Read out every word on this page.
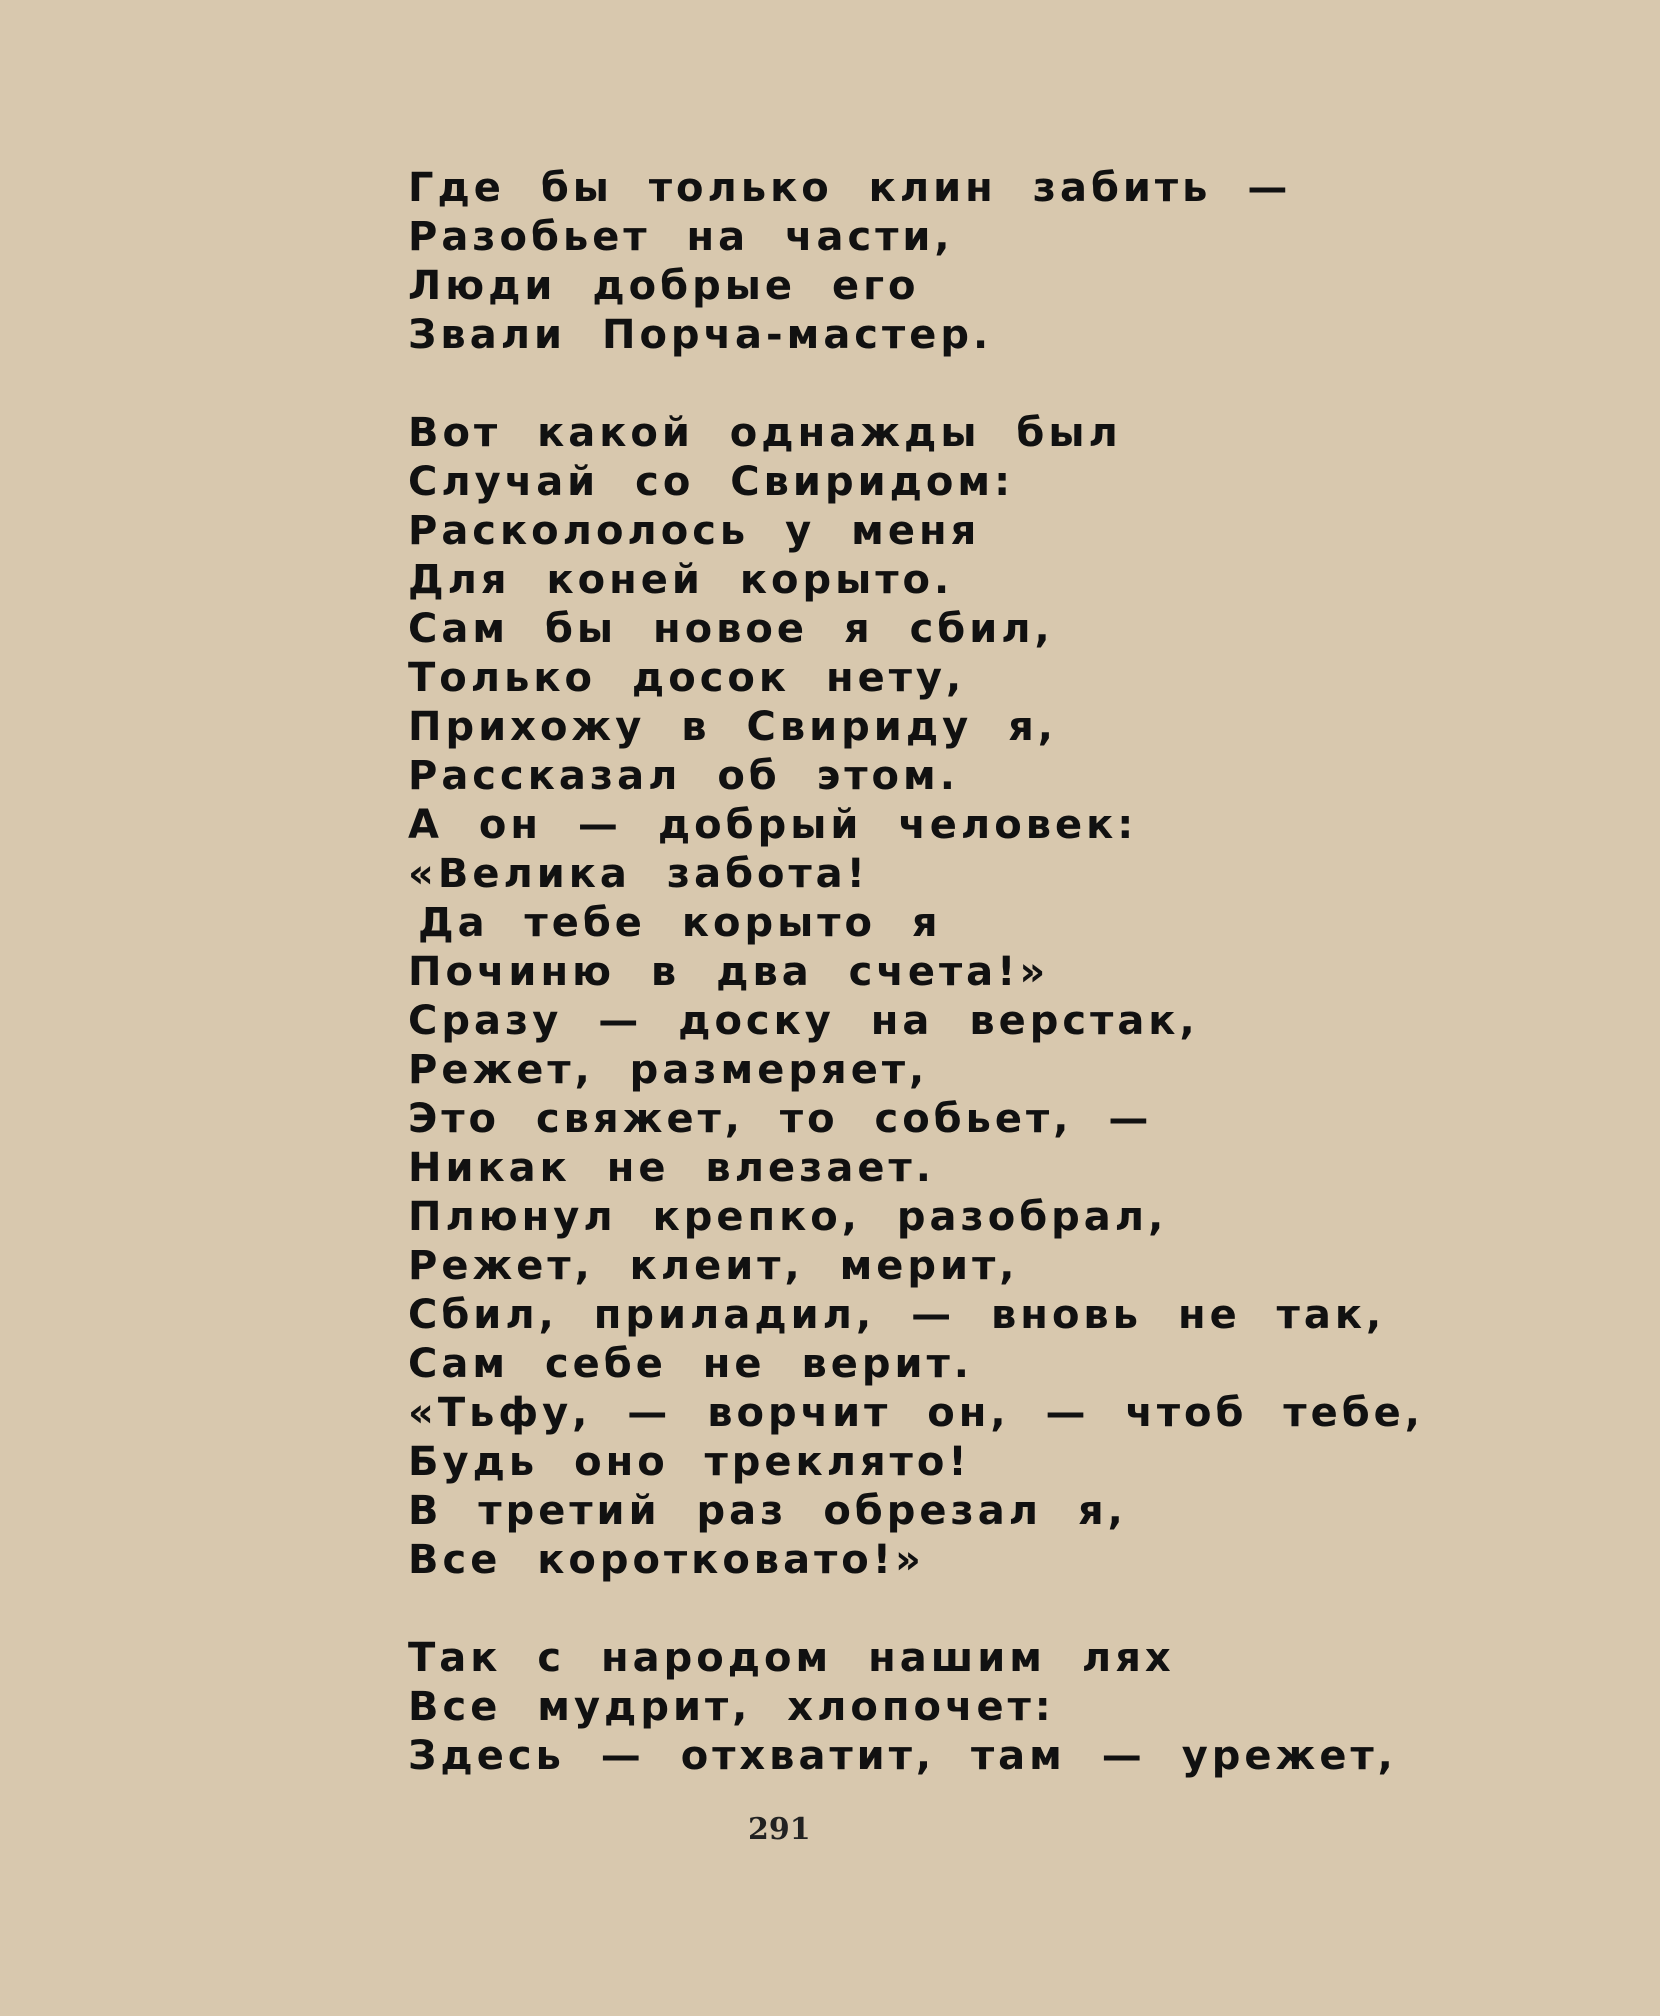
Где бы только клин забить —
Разобьет на части,
Люди добрые его
Звали Порча-мастер.
Вот какой однажды был
Случай со Свиридом:
Раскололось у меня
Для коней корыто.
Сам бы новое я сбил,
Только досок нету,
Прихожу в Свириду я,
Рассказал об этом.
А он — добрый человек:
«Велика забота!
Да тебе корыто я
Починю в два счета!»
Сразу — доску на верстак,
Режет, размеряет,
Это свяжет, то собьет, —
Никак не влезает.
Плюнул крепко, разобрал,
Режет, клеит, мерит,
Сбил, приладил, — вновь не так,
Сам себе не верит.
«Тьфу, — ворчит он, — чтоб тебе,
Будь оно треклято!
В третий раз обрезал я,
Все коротковато!»
Так с народом нашим лях
Все мудрит, хлопочет:
Здесь — отхватит, там — урежет,
291
